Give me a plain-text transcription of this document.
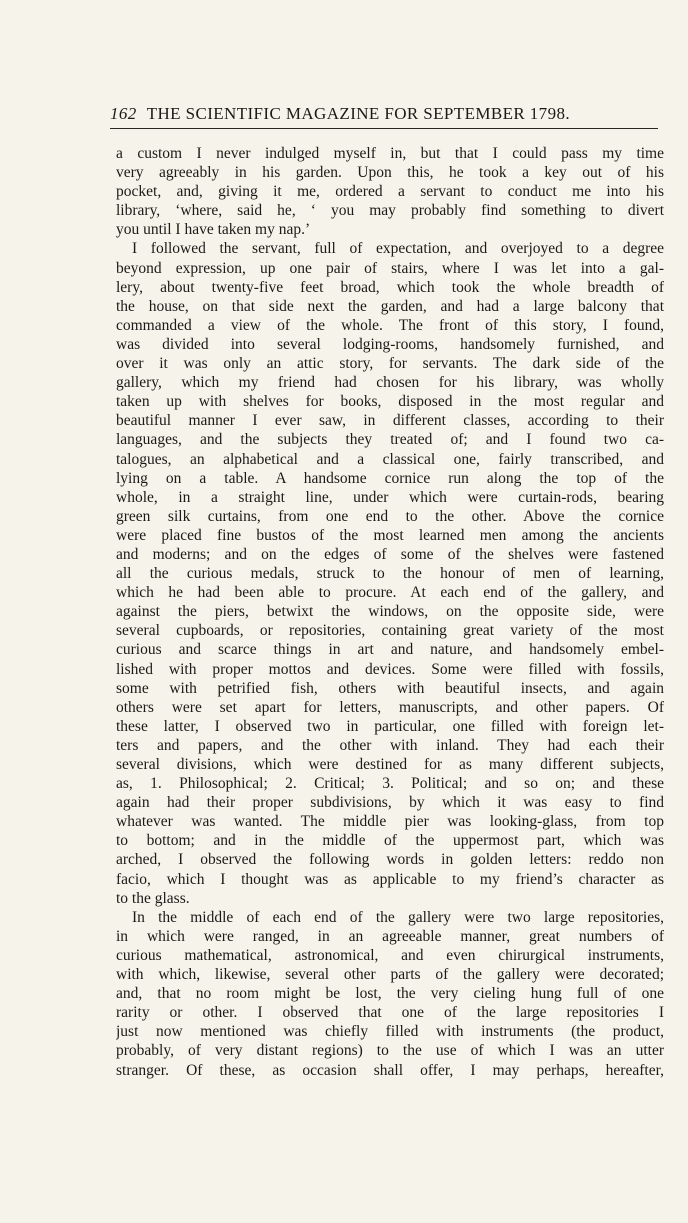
162 THE SCIENTIFIC MAGAZINE FOR SEPTEMBER 1798.
a custom I never indulged myself in, but that I could pass my time
very agreeably in his garden. Upon this, he took a key out of his
pocket, and, giving it me, ordered a servant to conduct me into his
library, ‘where, said he, ‘ you may probably find something to divert
you until I have taken my nap.’
I followed the servant, full of expectation, and overjoyed to a degree
beyond expression, up one pair of stairs, where I was let into a gal-
lery, about twenty-five feet broad, which took the whole breadth of
the house, on that side next the garden, and had a large balcony that
commanded a view of the whole. The front of this story, I found,
was divided into several lodging-rooms, handsomely furnished, and
over it was only an attic story, for servants. The dark side of the
gallery, which my friend had chosen for his library, was wholly
taken up with shelves for books, disposed in the most regular and
beautiful manner I ever saw, in different classes, according to their
languages, and the subjects they treated of; and I found two ca-
talogues, an alphabetical and a classical one, fairly transcribed, and
lying on a table. A handsome cornice run along the top of the
whole, in a straight line, under which were curtain-rods, bearing
green silk curtains, from one end to the other. Above the cornice
were placed fine bustos of the most learned men among the ancients
and moderns; and on the edges of some of the shelves were fastened
all the curious medals, struck to the honour of men of learning,
which he had been able to procure. At each end of the gallery, and
against the piers, betwixt the windows, on the opposite side, were
several cupboards, or repositories, containing great variety of the most
curious and scarce things in art and nature, and handsomely embel-
lished with proper mottos and devices. Some were filled with fossils,
some with petrified fish, others with beautiful insects, and again
others were set apart for letters, manuscripts, and other papers. Of
these latter, I observed two in particular, one filled with foreign let-
ters and papers, and the other with inland. They had each their
several divisions, which were destined for as many different subjects,
as, 1. Philosophical; 2. Critical; 3. Political; and so on; and these
again had their proper subdivisions, by which it was easy to find
whatever was wanted. The middle pier was looking-glass, from top
to bottom; and in the middle of the uppermost part, which was
arched, I observed the following words in golden letters: reddo non
facio, which I thought was as applicable to my friend’s character as
to the glass.
In the middle of each end of the gallery were two large repositories,
in which were ranged, in an agreeable manner, great numbers of
curious mathematical, astronomical, and even chirurgical instruments,
with which, likewise, several other parts of the gallery were decorated;
and, that no room might be lost, the very cieling hung full of one
rarity or other. I observed that one of the large repositories I
just now mentioned was chiefly filled with instruments (the product,
probably, of very distant regions) to the use of which I was an utter
stranger. Of these, as occasion shall offer, I may perhaps, hereafter,
